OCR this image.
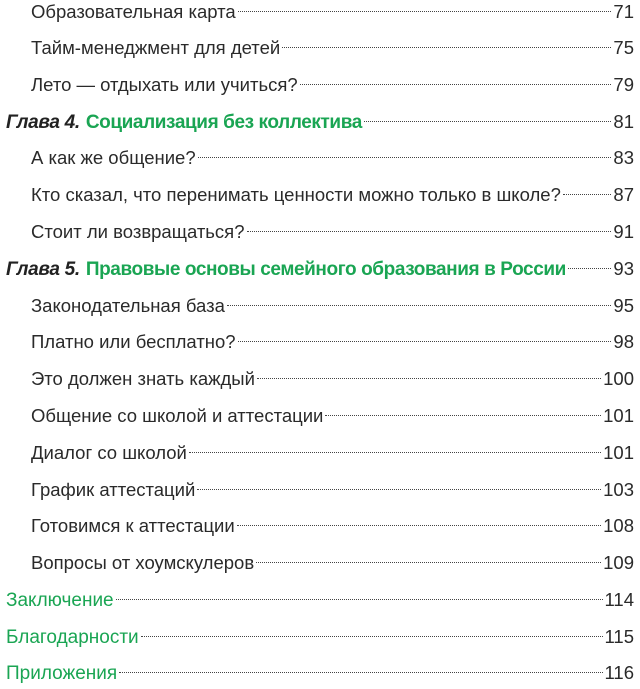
Образовательная карта	71
Тайм-менеджмент для детей	75
Лето — отдыхать или учиться?	79
Глава 4. Социализация без коллектива	81
А как же общение?	83
Кто сказал, что перенимать ценности можно только в школе?	87
Стоит ли возвращаться?	91
Глава 5. Правовые основы семейного образования в России	93
Законодательная база	95
Платно или бесплатно?	98
Это должен знать каждый	100
Общение со школой и аттестации	101
Диалог со школой	101
График аттестаций	103
Готовимся к аттестации	108
Вопросы от хоумскулеров	109
Заключение	114
Благодарности	115
Приложения	116
